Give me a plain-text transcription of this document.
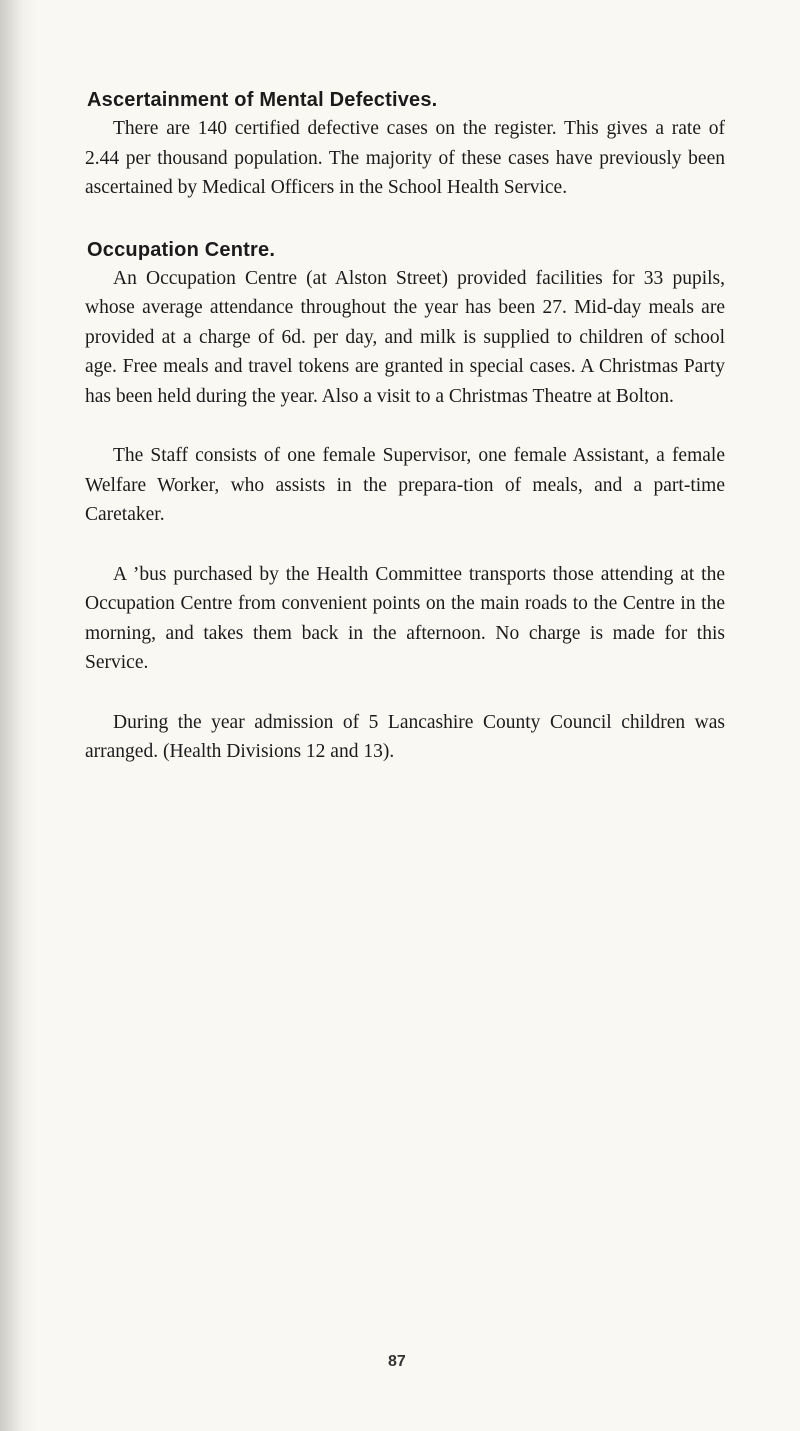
Ascertainment of Mental Defectives.

There are 140 certified defective cases on the register. This gives a rate of 2.44 per thousand population. The majority of these cases have previously been ascertained by Medical Officers in the School Health Service.

Occupation Centre.

An Occupation Centre (at Alston Street) provided facilities for 33 pupils, whose average attendance throughout the year has been 27. Mid-day meals are provided at a charge of 6d. per day, and milk is supplied to children of school age. Free meals and travel tokens are granted in special cases. A Christmas Party has been held during the year. Also a visit to a Christmas Theatre at Bolton.

The Staff consists of one female Supervisor, one female Assistant, a female Welfare Worker, who assists in the prepara-tion of meals, and a part-time Caretaker.

A ’bus purchased by the Health Committee transports those attending at the Occupation Centre from convenient points on the main roads to the Centre in the morning, and takes them back in the afternoon. No charge is made for this Service.

During the year admission of 5 Lancashire County Council children was arranged. (Health Divisions 12 and 13).

87
